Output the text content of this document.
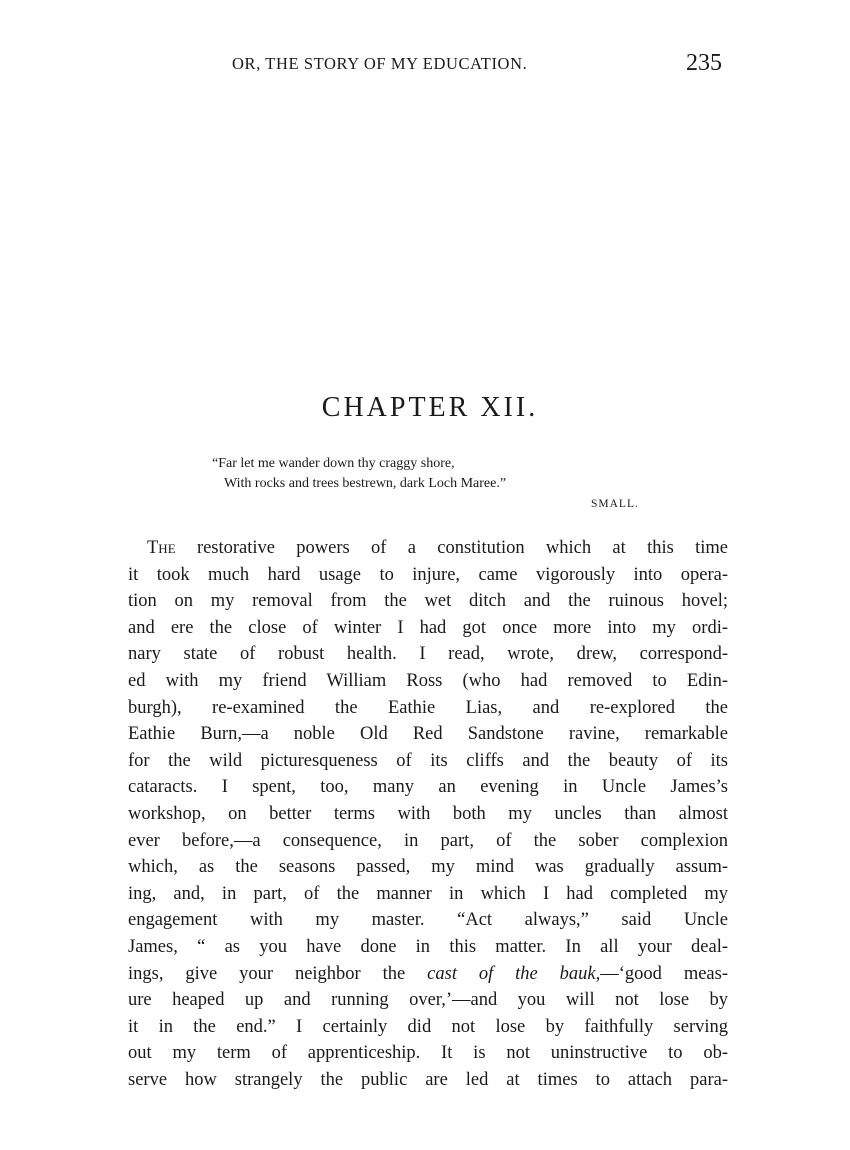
OR, THE STORY OF MY EDUCATION.	235
CHAPTER XII.
“Far let me wander down thy craggy shore,
With rocks and trees bestrewn, dark Loch Maree.”
SMALL.
The restorative powers of a constitution which at this time
it took much hard usage to injure, came vigorously into opera-
tion on my removal from the wet ditch and the ruinous hovel;
and ere the close of winter I had got once more into my ordi-
nary state of robust health. I read, wrote, drew, correspond-
ed with my friend William Ross (who had removed to Edin-
burgh), re-examined the Eathie Lias, and re-explored the
Eathie Burn,—a noble Old Red Sandstone ravine, remarkable
for the wild picturesqueness of its cliffs and the beauty of its
cataracts. I spent, too, many an evening in Uncle James’s
workshop, on better terms with both my uncles than almost
ever before,—a consequence, in part, of the sober complexion
which, as the seasons passed, my mind was gradually assum-
ing, and, in part, of the manner in which I had completed my
engagement with my master. “Act always,” said Uncle
James, “ as you have done in this matter. In all your deal-
ings, give your neighbor the cast of the bauk,—‘good meas-
ure heaped up and running over,’—and you will not lose by
it in the end.” I certainly did not lose by faithfully serving
out my term of apprenticeship. It is not uninstructive to ob-
serve how strangely the public are led at times to attach para-
